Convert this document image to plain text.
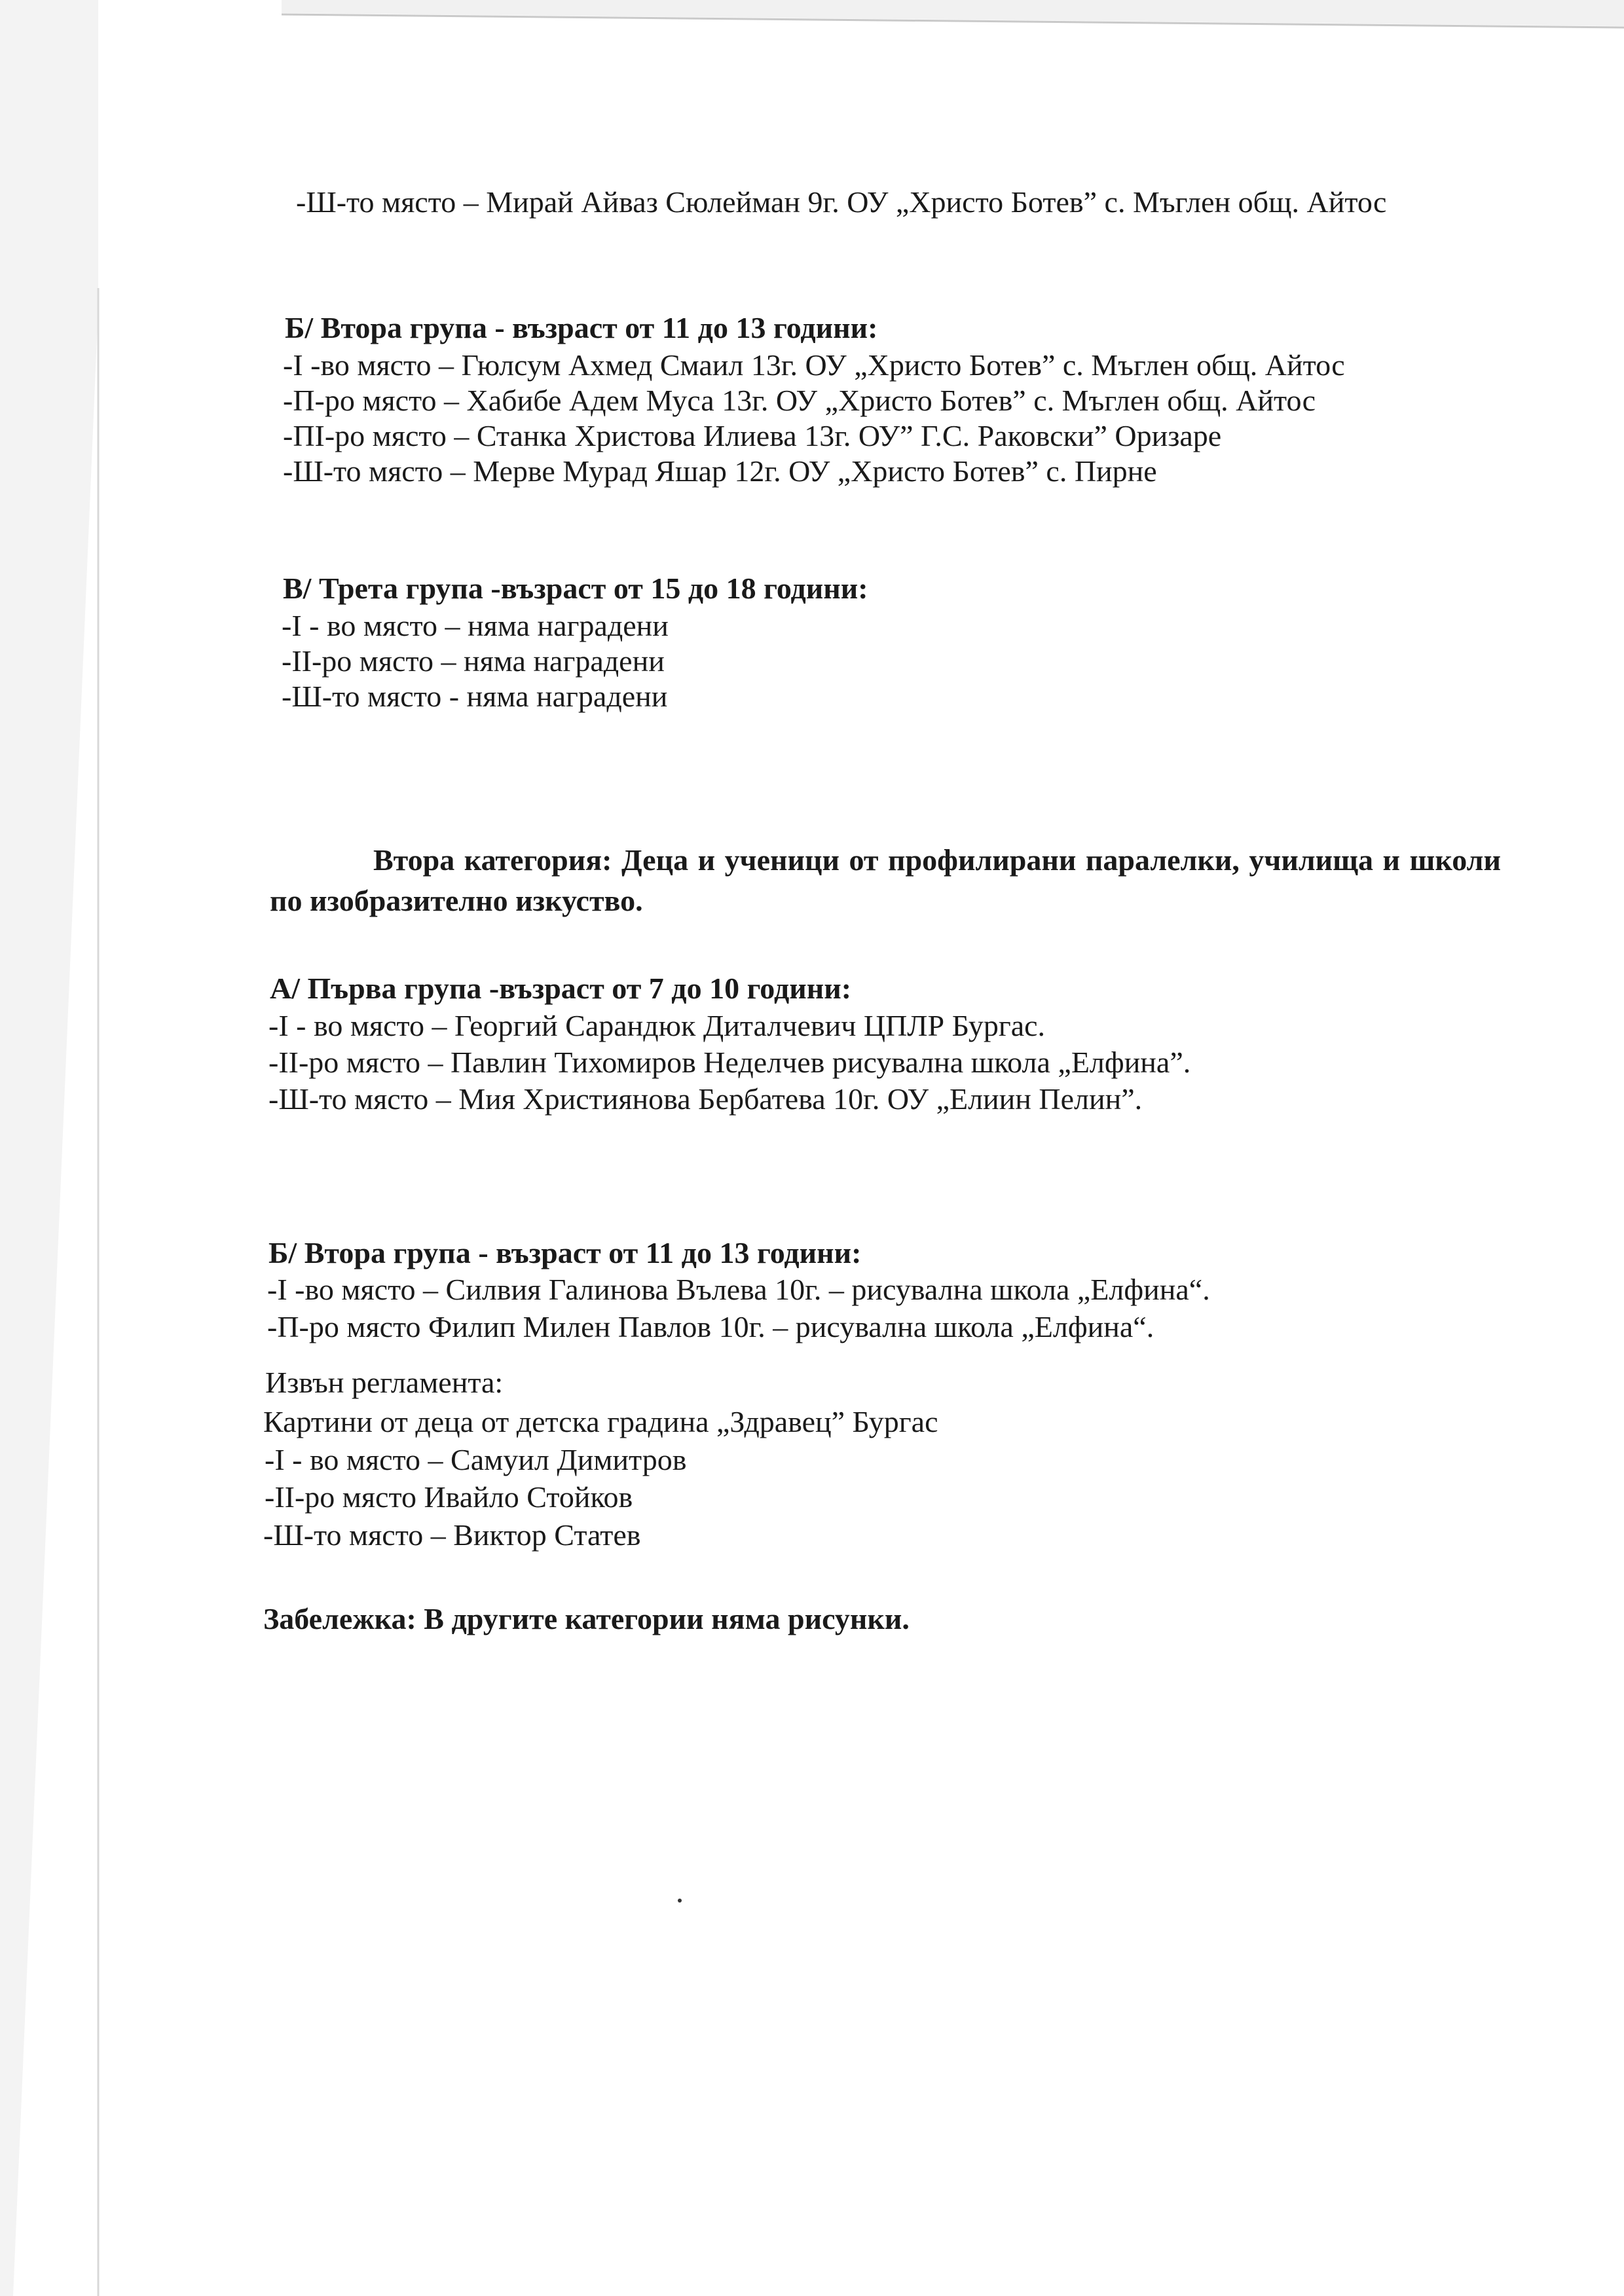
-Ш-то място – Мирай Айваз Сюлейман 9г. ОУ „Христо Ботев” с. Мъглен общ. Айтос
Б/ Втора група - възраст от 11 до 13 години:
-I -во място – Гюлсум Ахмед Смаил 13г. ОУ „Христо Ботев” с. Мъглен общ. Айтос
-П-ро място – Хабибе Адем Муса 13г. ОУ „Христо Ботев” с. Мъглен общ. Айтос
-ПІ-ро място – Станка Христова Илиева 13г. ОУ” Г.С. Раковски” Оризаре
-Ш-то място – Мерве Мурад Яшар 12г. ОУ „Христо Ботев” с. Пирне
В/ Трета група -възраст от 15 до 18 години:
-I - во място – няма наградени
-II-ро място – няма наградени
-Ш-то място - няма наградени
Втора категория: Деца и ученици от профилирани паралелки, училища и школи по изобразително изкуство.
А/ Първа група -възраст от 7 до 10 години:
-I - во място – Георгий Сарандюк Диталчевич ЦПЛР Бургас.
-II-ро място – Павлин Тихомиров Неделчев рисувална школа „Елфина”.
-Ш-то място – Мия Християнова Бербатева 10г. ОУ „Елиин Пелин”.
Б/ Втора група - възраст от 11 до 13 години:
-I -во място – Силвия Галинова Вълева 10г. – рисувална школа „Елфина“.
-П-ро място Филип Милен Павлов 10г. – рисувална школа „Елфина“.
Извън регламента:
Картини от деца от детска градина „Здравец” Бургас
-I - во място – Самуил Димитров
-II-ро място Ивайло Стойков
-Ш-то място – Виктор Статев
Забележка: В другите категории няма рисунки.
